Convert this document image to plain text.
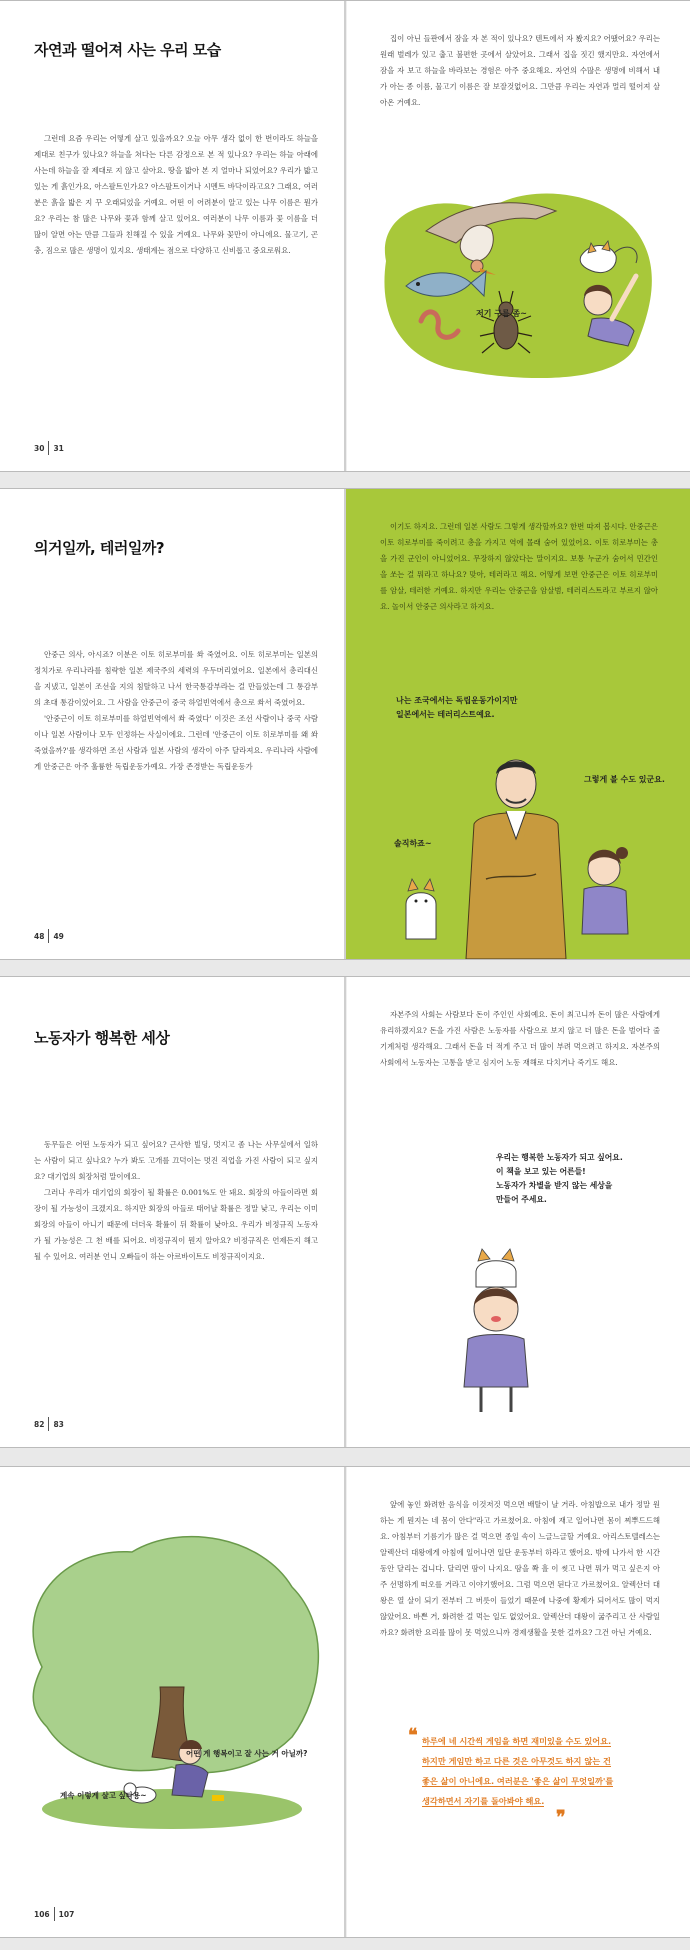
자연과 떨어져 사는 우리 모습

그런데 요즘 우리는 어떻게 살고 있을까요? 오늘 아무 생각 없이 한 번이라도 하늘을 제대로 친구가 있나요? 하늘을 쳐다는 다른 감정으로 본 적 있나요? 우리는 하늘 아래에 사는데 하늘을 잘 제대로 지 않고 살아요. 땅을 밟아 본 지 얼마나 되었어요? 우리가 밟고 있는 게 흙인가요, 아스팔트인가요? 아스팔트이거나 시멘트 바닥이라고요? 그래요, 여러분은 흙을 밟은 지 꾸 오래되었을 거예요. 어떤 이 어려분이 알고 있는 나무 이름은 뭔가요? 우리는 참 많은 나무와 꽃과 함께 살고 있어요. 여러분이 나무 이름과 꽃 이름을 더 많이 알면 아는 만큼 그들과 친해질 수 있을 거예요. 나무와 꽃만이 아니에요. 물고기, 곤충, 짐으로 많은 생명이 있지요. 생태계는 점으로 다양하고 신비롭고 중요로워요.

30 31

집이 아닌 들판에서 잠을 자 본 적이 있나요? 텐트에서 자 봤지요? 어땠어요? 우리는 원래 벌레가 있고 춥고 불편한 곳에서 살았어요. 그래서 집을 짓긴 했지만요. 자연에서 잠을 자 보고 하늘을 바라보는 경험은 아주 중요해요. 자연의 수많은 생명에 비해서 내가 아는 종 이름, 물고기 이름은 잘 보잘것없어요. 그만큼 우리는 자연과 멀리 떨어져 살아온 거예요.

저기 구름 좀~
의거일까, 테러일까?

안중근 의사, 아시죠? 이분은 이토 히로부미를 쏴 죽였어요. 이토 히로부미는 일본의 정치가로 우리나라를 침략한 일본 제국주의 세력의 우두머리였어요. 일본에서 총리대신을 지냈고, 일본이 조선을 지의 침탈하고 나서 한국통감부라는 걸 만들었는데 그 통감부의 초대 통감이었어요. 그 사람을 안중근이 중국 하얼빈역에서 총으로 쏴서 죽였어요.

'안중근이 이토 히로부미를 하얼빈역에서 쏴 죽였다' 이것은 조선 사람이나 중국 사람이나 일본 사람이나 모두 인정하는 사실이에요. 그런데 '안중근이 이토 히로부미를 왜 쏴 죽였을까?'를 생각하면 조선 사람과 일본 사람의 생각이 아주 달라져요. 우리나라 사람에게 안중근은 아주 훌륭한 독립운동가예요. 가장 존경받는 독립운동가

48 49

이기도 하지요. 그런데 일본 사람도 그렇게 생각할까요? 한번 따져 봅시다. 안중근은 이토 히로부미를 죽이려고 총을 가지고 역에 몰래 숨어 있었어요. 이토 히로부미는 총을 가진 군인이 아니었어요. 무장하지 않았다는 말이지요. 보통 누군가 숨어서 민간인을 쏘는 걸 뭐라고 하나요? 맞아, 테러라고 해요. 어떻게 보면 안중근은 이토 히로부미를 암살, 테러한 거예요. 하지만 우리는 안중근을 암살범, 테러리스트라고 부르지 않아요. 놀이서 안중근 의사라고 하지요.

나는 조국에서는 독립운동가이지만
일본에서는 테러리스트예요.
그렇게 볼 수도 있군요.
솔직하죠~
노동자가 행복한 세상

동무들은 어떤 노동자가 되고 싶어요? 근사한 빌딩, 멋지고 좀 나는 사무실에서 일하는 사람이 되고 싶나요? 누가 봐도 고개를 끄덕이는 멋진 직업을 가진 사람이 되고 싶지요? 대기업의 회장처럼 말이에요.

그러나 우리가 대기업의 회장이 될 확률은 0.001%도 안 돼요. 회장의 아들이라면 회장이 될 가능성이 크겠지요. 하지만 회장의 아들로 태어날 확률은 정말 낮고, 우리는 이미 회장의 아들이 아니기 때문에 더더욱 확률이 뒤 확률이 낮아요. 우리가 비정규직 노동자가 될 가능성은 그 천 배를 되어요. 비정규직이 뭔지 알아요? 비정규직은 언제든지 해고될 수 있어요. 여러분 언니 오빠들이 하는 아르바이트도 비정규직이지요.

82 83

자본주의 사회는 사람보다 돈이 주인인 사회예요. 돈이 최고니까 돈이 많은 사람에게 유리하겠지요? 돈을 가진 사람은 노동자를 사람으로 보지 않고 더 많은 돈을 벌어다 줄 기계처럼 생각해요. 그래서 돈을 더 적게 주고 더 많이 부려 먹으려고 하지요. 자본주의 사회에서 노동자는 고통을 받고 심지어 노동 재해로 다치거나 죽기도 해요.

우리는 행복한 노동자가 되고 싶어요.
이 책을 보고 있는 어른들!
노동자가 차별을 받지 않는 세상을
만들어 주세요.
어떤 게 행복이고 잘 사는 거 아닐까?
계속 이렇게 살고 싶다용~
106 107

앞에 놓인 화려한 음식을 이것저것 먹으면 배탈이 날 거라. 아침밥으로 내가 정말 원하는 게 뭔지는 네 몸이 안다"라고 가르쳤어요. 아침에 재고 일어나면 몸이 찌뿌드드해요. 아침부터 기름기가 많은 걸 먹으면 종일 속이 느글느글할 거예요. 아리스토텔레스는 알렉산더 대왕에게 아침에 일어나면 일단 운동부터 하라고 했어요. 밖에 나가서 한 시간 동안 달리는 겁니다. 달리면 땀이 나지요. 땀을 쫙 흘 이 씻고 나면 뭐가 먹고 싶은지 아주 선명하게 떠오를 거라고 이야기했어요. 그럼 먹으면 된다고 가르쳤어요. 알렉산더 대왕은 열 살이 되기 전부터 그 버릇이 들었기 때문에 나중에 황제가 되어서도 많이 먹지 않았어요. 바쁜 거, 화려한 걸 먹는 일도 없었어요. 알렉산더 대왕이 굶주리고 산 사람일까요? 화려한 요리를 많이 못 먹었으니까 경제생활을 못한 걸까요? 그건 아닌 거예요.

❝ 하루에 네 시간씩 게임을 하면 재미있을 수도 있어요.
하지만 게임만 하고 다른 것은 아무것도 하지 않는 건
좋은 삶이 아니에요. 여러분은 '좋은 삶이 무엇일까'를
생각하면서 자기를 돌아봐야 해요.
❞
